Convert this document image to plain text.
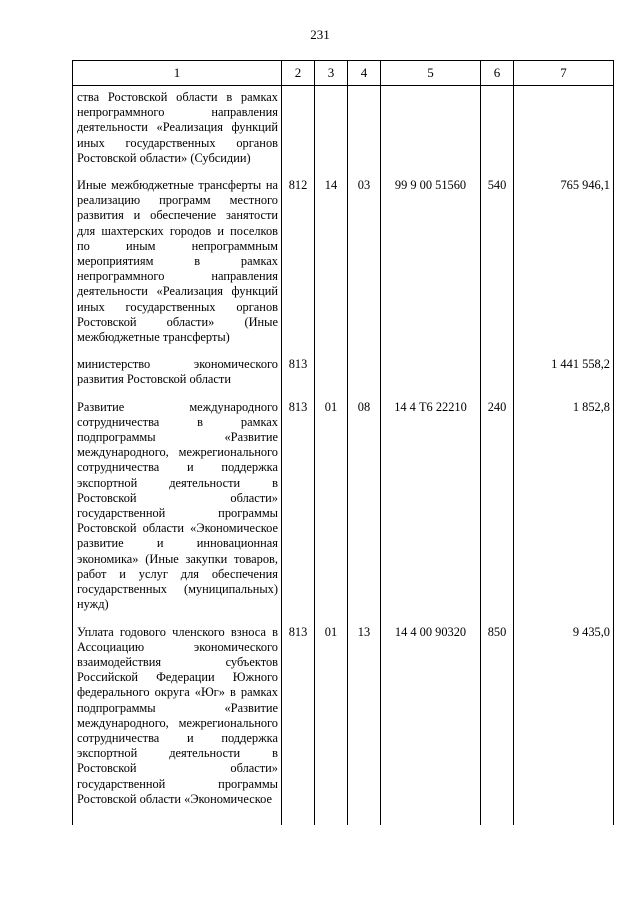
231
1	2	3	4	5	6	7
ства Ростовской области в рамках непрограммного направления деятельности «Реализация функций иных государственных органов Ростовской области» (Субсидии)						
Иные межбюджетные трансферты на реализацию программ местного развития и обеспечение занятости для шахтерских городов и поселков по иным непрограммным мероприятиям в рамках непрограммного направления деятельности «Реализация функций иных государственных органов Ростовской области» (Иные межбюджетные трансферты)	812	14	03	99 9 00 51560	540	765 946,1
министерство экономического развития Ростовской области	813					1 441 558,2
Развитие международного сотрудничества в рамках подпрограммы «Развитие международного, межрегионального сотрудничества и поддержка экспортной деятельности в Ростовской области» государственной программы Ростовской области «Экономическое развитие и инновационная экономика» (Иные закупки товаров, работ и услуг для обеспечения государственных (муниципальных) нужд)	813	01	08	14 4 Т6 22210	240	1 852,8
Уплата годового членского взноса в Ассоциацию экономического взаимодействия субъектов Российской Федерации Южного федерального округа «Юг» в рамках подпрограммы «Развитие международного, межрегионального сотрудничества и поддержка экспортной деятельности в Ростовской области» государственной программы Ростовской области «Экономическое	813	01	13	14 4 00 90320	850	9 435,0
